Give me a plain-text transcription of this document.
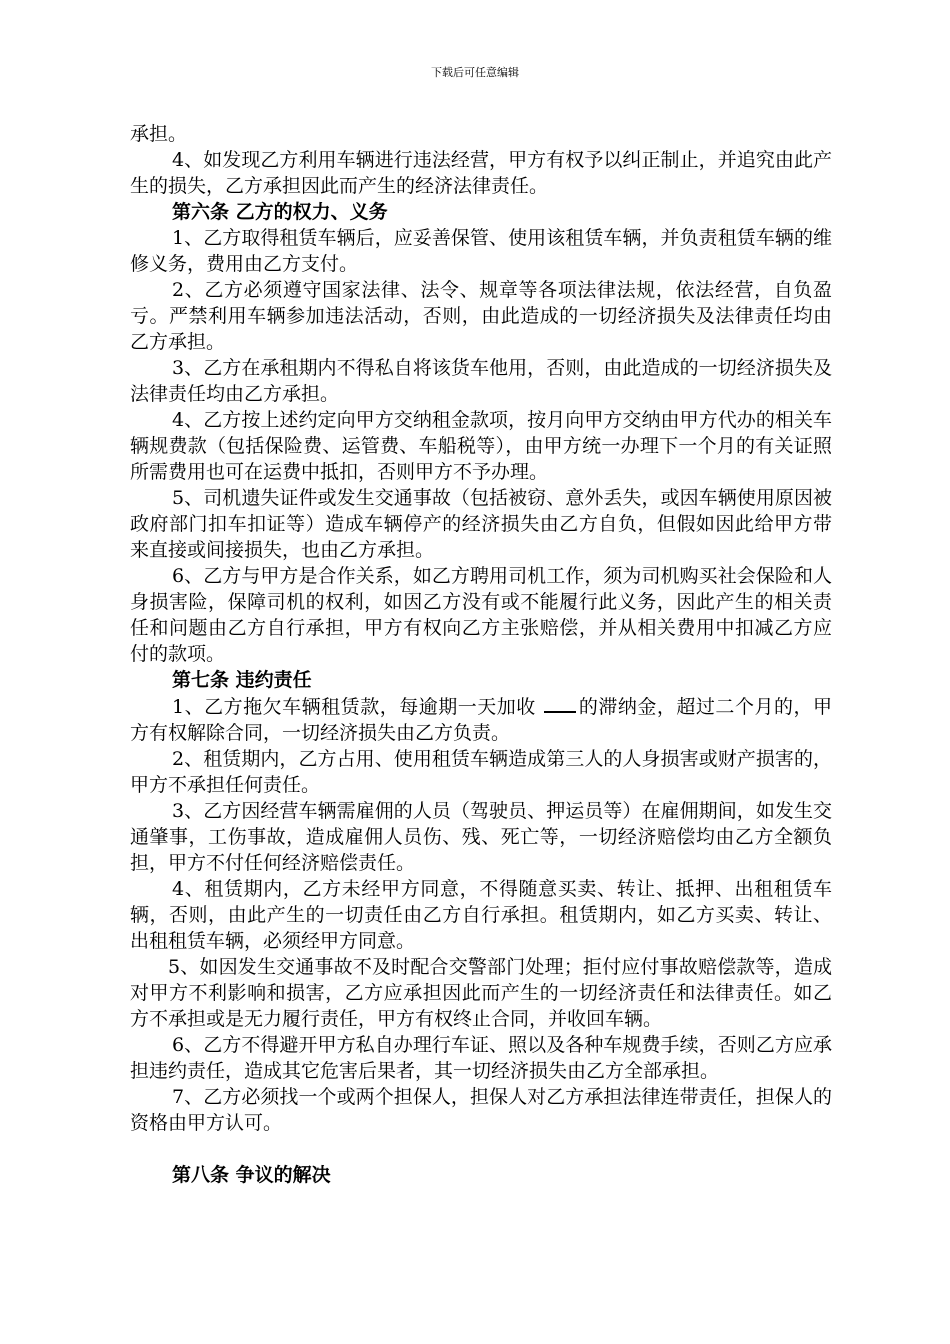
下载后可任意编辑

承担。

4、如发现乙方利用车辆进行违法经营，甲方有权予以纠正制止，并追究由此产生的损失，乙方承担因此而产生的经济法律责任。

第六条 乙方的权力、义务

1、乙方取得租赁车辆后，应妥善保管、使用该租赁车辆，并负责租赁车辆的维修义务，费用由乙方支付。

2、乙方必须遵守国家法律、法令、规章等各项法律法规，依法经营，自负盈亏。严禁利用车辆参加违法活动，否则，由此造成的一切经济损失及法律责任均由乙方承担。

3、乙方在承租期内不得私自将该货车他用，否则，由此造成的一切经济损失及法律责任均由乙方承担。

4、乙方按上述约定向甲方交纳租金款项，按月向甲方交纳由甲方代办的相关车辆规费款（包括保险费、运管费、车船税等），由甲方统一办理下一个月的有关证照所需费用也可在运费中抵扣，否则甲方不予办理。

5、司机遗失证件或发生交通事故（包括被窃、意外丢失，或因车辆使用原因被政府部门扣车扣证等）造成车辆停产的经济损失由乙方自负，但假如因此给甲方带来直接或间接损失，也由乙方承担。

6、乙方与甲方是合作关系，如乙方聘用司机工作，须为司机购买社会保险和人身损害险，保障司机的权利，如因乙方没有或不能履行此义务，因此产生的相关责任和问题由乙方自行承担，甲方有权向乙方主张赔偿，并从相关费用中扣减乙方应付的款项。

第七条 违约责任

1、乙方拖欠车辆租赁款，每逾期一天加收 的滞纳金，超过二个月的，甲方有权解除合同，一切经济损失由乙方负责。

2、租赁期内，乙方占用、使用租赁车辆造成第三人的人身损害或财产损害的，甲方不承担任何责任。

3、乙方因经营车辆需雇佣的人员（驾驶员、押运员等）在雇佣期间，如发生交通肇事，工伤事故，造成雇佣人员伤、残、死亡等，一切经济赔偿均由乙方全额负担，甲方不付任何经济赔偿责任。

4、租赁期内，乙方未经甲方同意，不得随意买卖、转让、抵押、出租租赁车辆，否则，由此产生的一切责任由乙方自行承担。租赁期内，如乙方买卖、转让、出租租赁车辆，必须经甲方同意。

5、如因发生交通事故不及时配合交警部门处理；拒付应付事故赔偿款等，造成对甲方不利影响和损害，乙方应承担因此而产生的一切经济责任和法律责任。如乙方不承担或是无力履行责任，甲方有权终止合同，并收回车辆。

6、乙方不得避开甲方私自办理行车证、照以及各种车规费手续，否则乙方应承担违约责任，造成其它危害后果者，其一切经济损失由乙方全部承担。

7、乙方必须找一个或两个担保人，担保人对乙方承担法律连带责任，担保人的资格由甲方认可。

第八条 争议的解决
